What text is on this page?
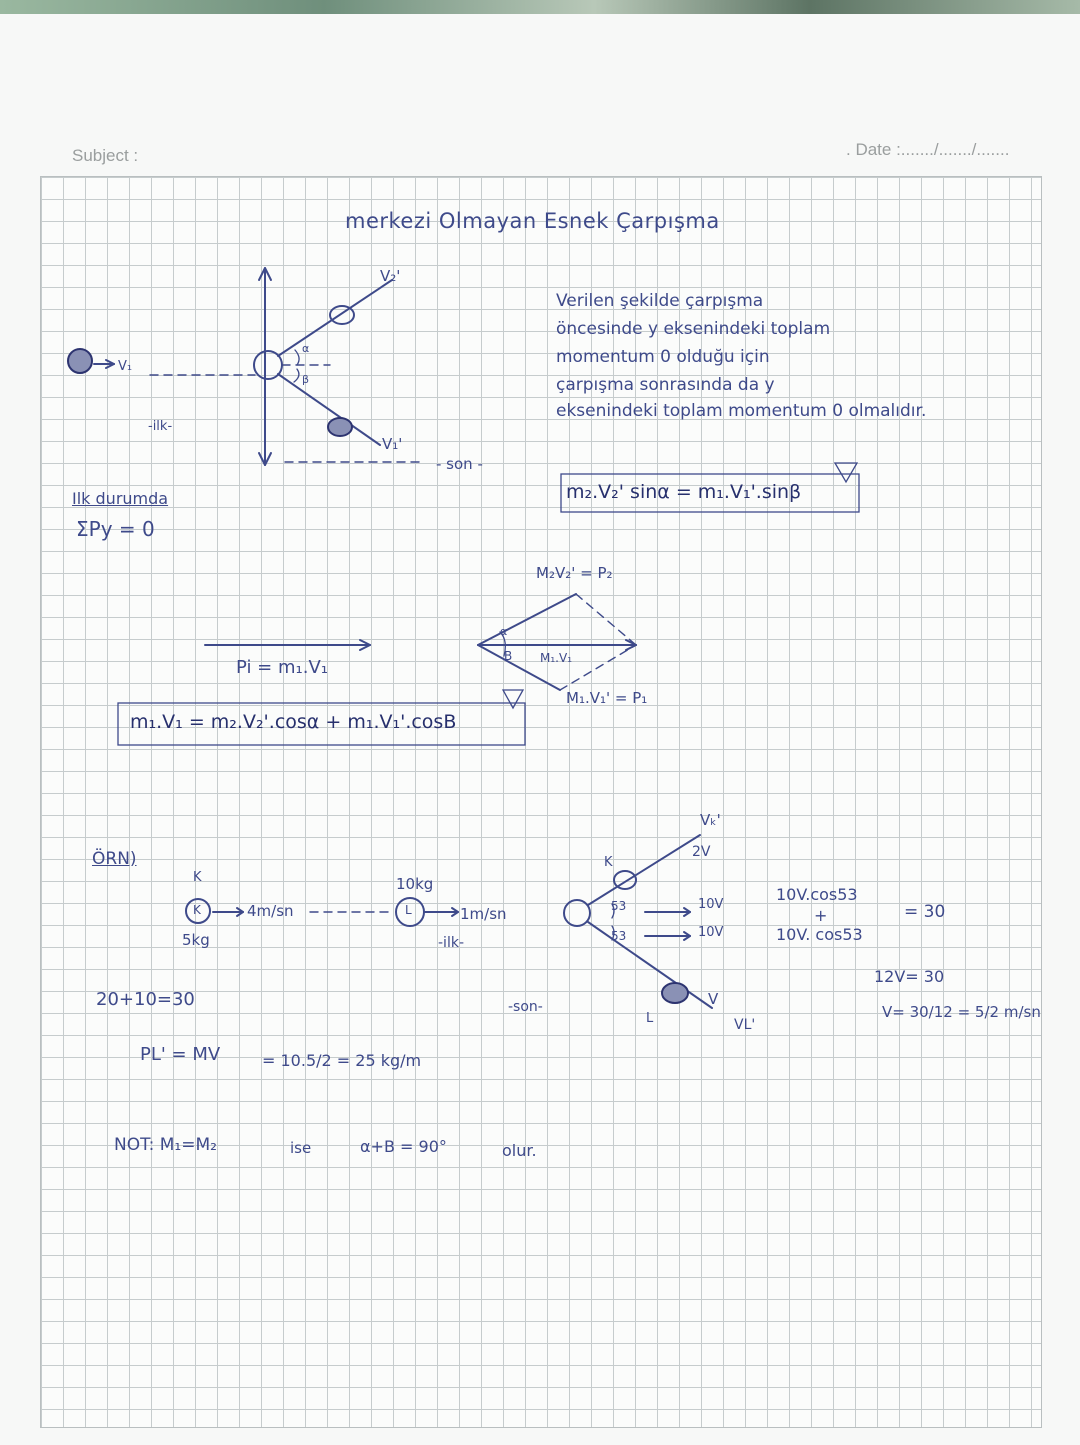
Subject :	. Date :......./......./.......
merkezi Olmayan Esnek Çarpışma
V₁
-ilk-
V₂'
V₁'
α
β
- son -
Verilen şekilde çarpışma
öncesinde y eksenindeki toplam
momentum 0 olduğu için
çarpışma sonrasında da y
eksenindeki toplam momentum 0 olmalıdır.
m₂.V₂' sinα = m₁.V₁'.sinβ
Ilk durumda
ΣPy = 0
M₂V₂' = P₂
M₁.V₁
M₁.V₁' = P₁
α
B
Pi = m₁.V₁
m₁.V₁ = m₂.V₂'.cosα + m₁.V₁'.cosB
ÖRN)
K
K
5kg
4m/sn
10kg
L	1m/sn
-ilk-
20+10=30
PL' = MV	= 10.5/2 = 25 kg/m
-son-
Vₖ'
2V
53
53
10V
10V
K
L
V
VL'
10V.cos53
+
10V. cos53
= 30
12V= 30
V= 30/12 = 5/2 m/sn
NOT: M₁=M₂	ise	α+B = 90°	olur.
